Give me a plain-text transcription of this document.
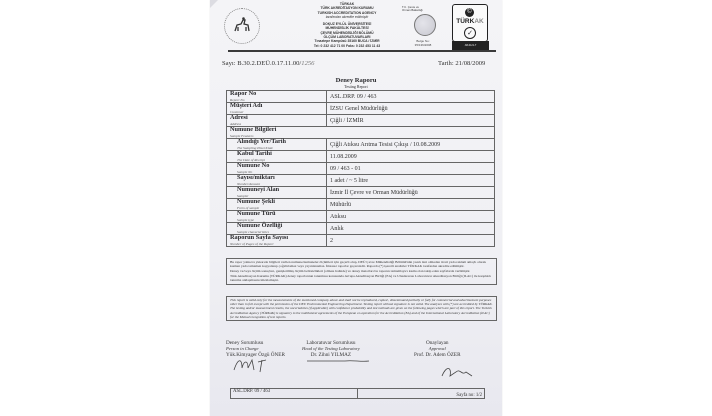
TÜRKAK
TÜRK AKREDİTASYON KURUMU
TURKISH ACCREDITATION AGENCY
tarafından akredite edilmiştir
DOKUZ EYLÜL ÜNİVERSİTESİ
MÜHENDİSLİK FAKÜLTESİ
ÇEVRE MÜHENDİSLİĞİ BÖLÜMÜ
ÖLÇÜM LABORATUVARLARI
Tınaztepe Kampüsü 35160 BUCA / İZMİR
Tel: 0 232 412 71 00 Faks: 0 232 453 11 43
T.C. Çevre ve Orman Bakanlığı
Belge No:
35/136/2008
©
TÜRKAK
✓

AB-0121-T
Sayı: B.30.2.DEÜ.0.17.11.00/1256	Tarih: 21/08/2009
Deney Raporu
Testing Report
Rapor No
Report No	ASL.DRP. 09 / 463

Müşteri Adı
Customer	İZSU Genel Müdürlüğü

Adresi
Address	Çiğli / İZMİR

Numune Bilgileri
Sample Features	

Alındığı Yer/Tarih
The Sampling Place/Date	Çiğli Atıksu Arıtma Tesisi Çıkışı / 10.08.2009

Kabul Tarihi
The Date of Receipt	11.08.2009

Numune No
Sample No	09 / 463 - 01

Sayısı/miktarı
Number/Amount	1 adet / ~ 5 litre

Numuneyi Alan
Sampler	İzmir İl Çevre ve Orman Müdürlüğü

Numune Şekli
Form of sample	Mühürlü

Numune Türü
Sample type	Atıksu

Numune Özelliği
Sample characteristics	Anlık

Raporun Sayfa Sayısı
Number of Pages of the Report	2

Bu rapor yalnızca yukarıda bilgileri verilen numune/numuneler ölçümleri için geçerli olup, DEÜ Çevre Mühendisliği Bölümü'nün yazılı izni olmadan ticari yada reklam amaçlı olarak kısmen yada tamamen kopyalanıp çoğaltılamaz veya yayınlanamaz. İmzasız raporlar geçersizdir. Raporda (*) işaretli analizler TÜRKAK tarafından akredite edilmiştir.

Deney ve/veya ölçüm sonuçları, genişletilmiş ölçüm belirsizlikleri (olması halinde) ve deney metotları bu raporun tamamlayıcı kısmı olan takip eden sayfalarda verilmiştir.

Türk Akreditasyon Kurumu (TÜRKAK) deney raporlarının tanınması konusunda Avrupa Akreditasyon Birliği (EA) ve Uluslararası Laboratuvar Akreditasyon Birliği (ILAC) ile karşılıklı tanınma antlaşmasını imzalamıştır.

This report is valid only for the measurements of the mentioned company above and shall not be reproduced, copied , disseminated partially or fully for commercial and advertisement purposes other than in full except with the permission of the DEU Environmental Engineering Department. Testing report without signature is not valid. The analyses with (*) are accredited by TÜRKAK.

The testing and/or measurement results, the uncertainties (if applicable) with confidence probability and test methods are given on the following pages which are part of this report. The Turkish Accreditation Agency (TÜRKAK) is signatory to the multilateral agreements of the European co-operation for the Accreditation (EA) and of the International Laboratory Accreditation (ILAC) for the Mutual recognition of test reports.

Deney Sorumlusu
Person in Charge
Yük.Kimyager Özgü ÖNER
Laboratuvar Sorumlusu
Head of the Testing Laboratory
Dr. Zihni YILMAZ
Onaylayan
Approval
Prof. Dr. Adem ÖZER
ASL.DRP. 09 / 463
Sayfa no: 1/2
